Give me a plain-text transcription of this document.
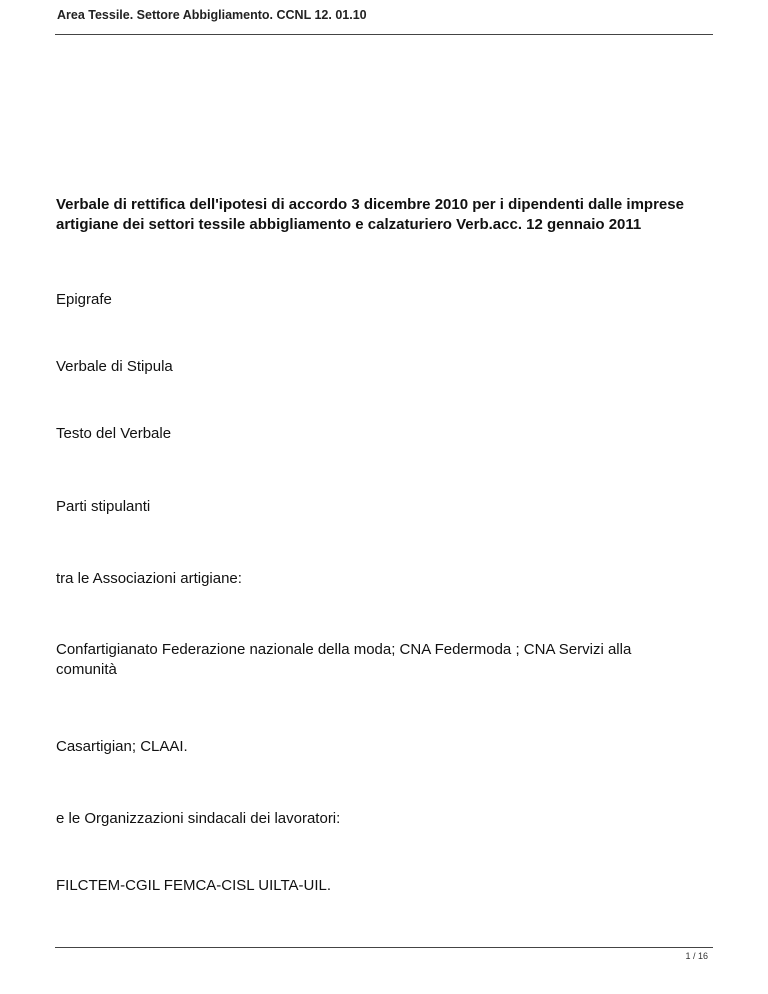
Area Tessile. Settore Abbigliamento. CCNL 12. 01.10

Verbale di rettifica dell'ipotesi di accordo 3 dicembre 2010 per i dipendenti dalle imprese artigiane dei settori tessile abbigliamento e calzaturiero Verb.acc. 12 gennaio 2011

Epigrafe

Verbale di Stipula

Testo del Verbale

Parti stipulanti

tra le Associazioni artigiane:

Confartigianato Federazione nazionale della moda; CNA Federmoda ; CNA Servizi alla comunità

Casartigian; CLAAI.

e le Organizzazioni sindacali dei lavoratori:

FILCTEM-CGIL FEMCA-CISL UILTA-UIL.

1 / 16
